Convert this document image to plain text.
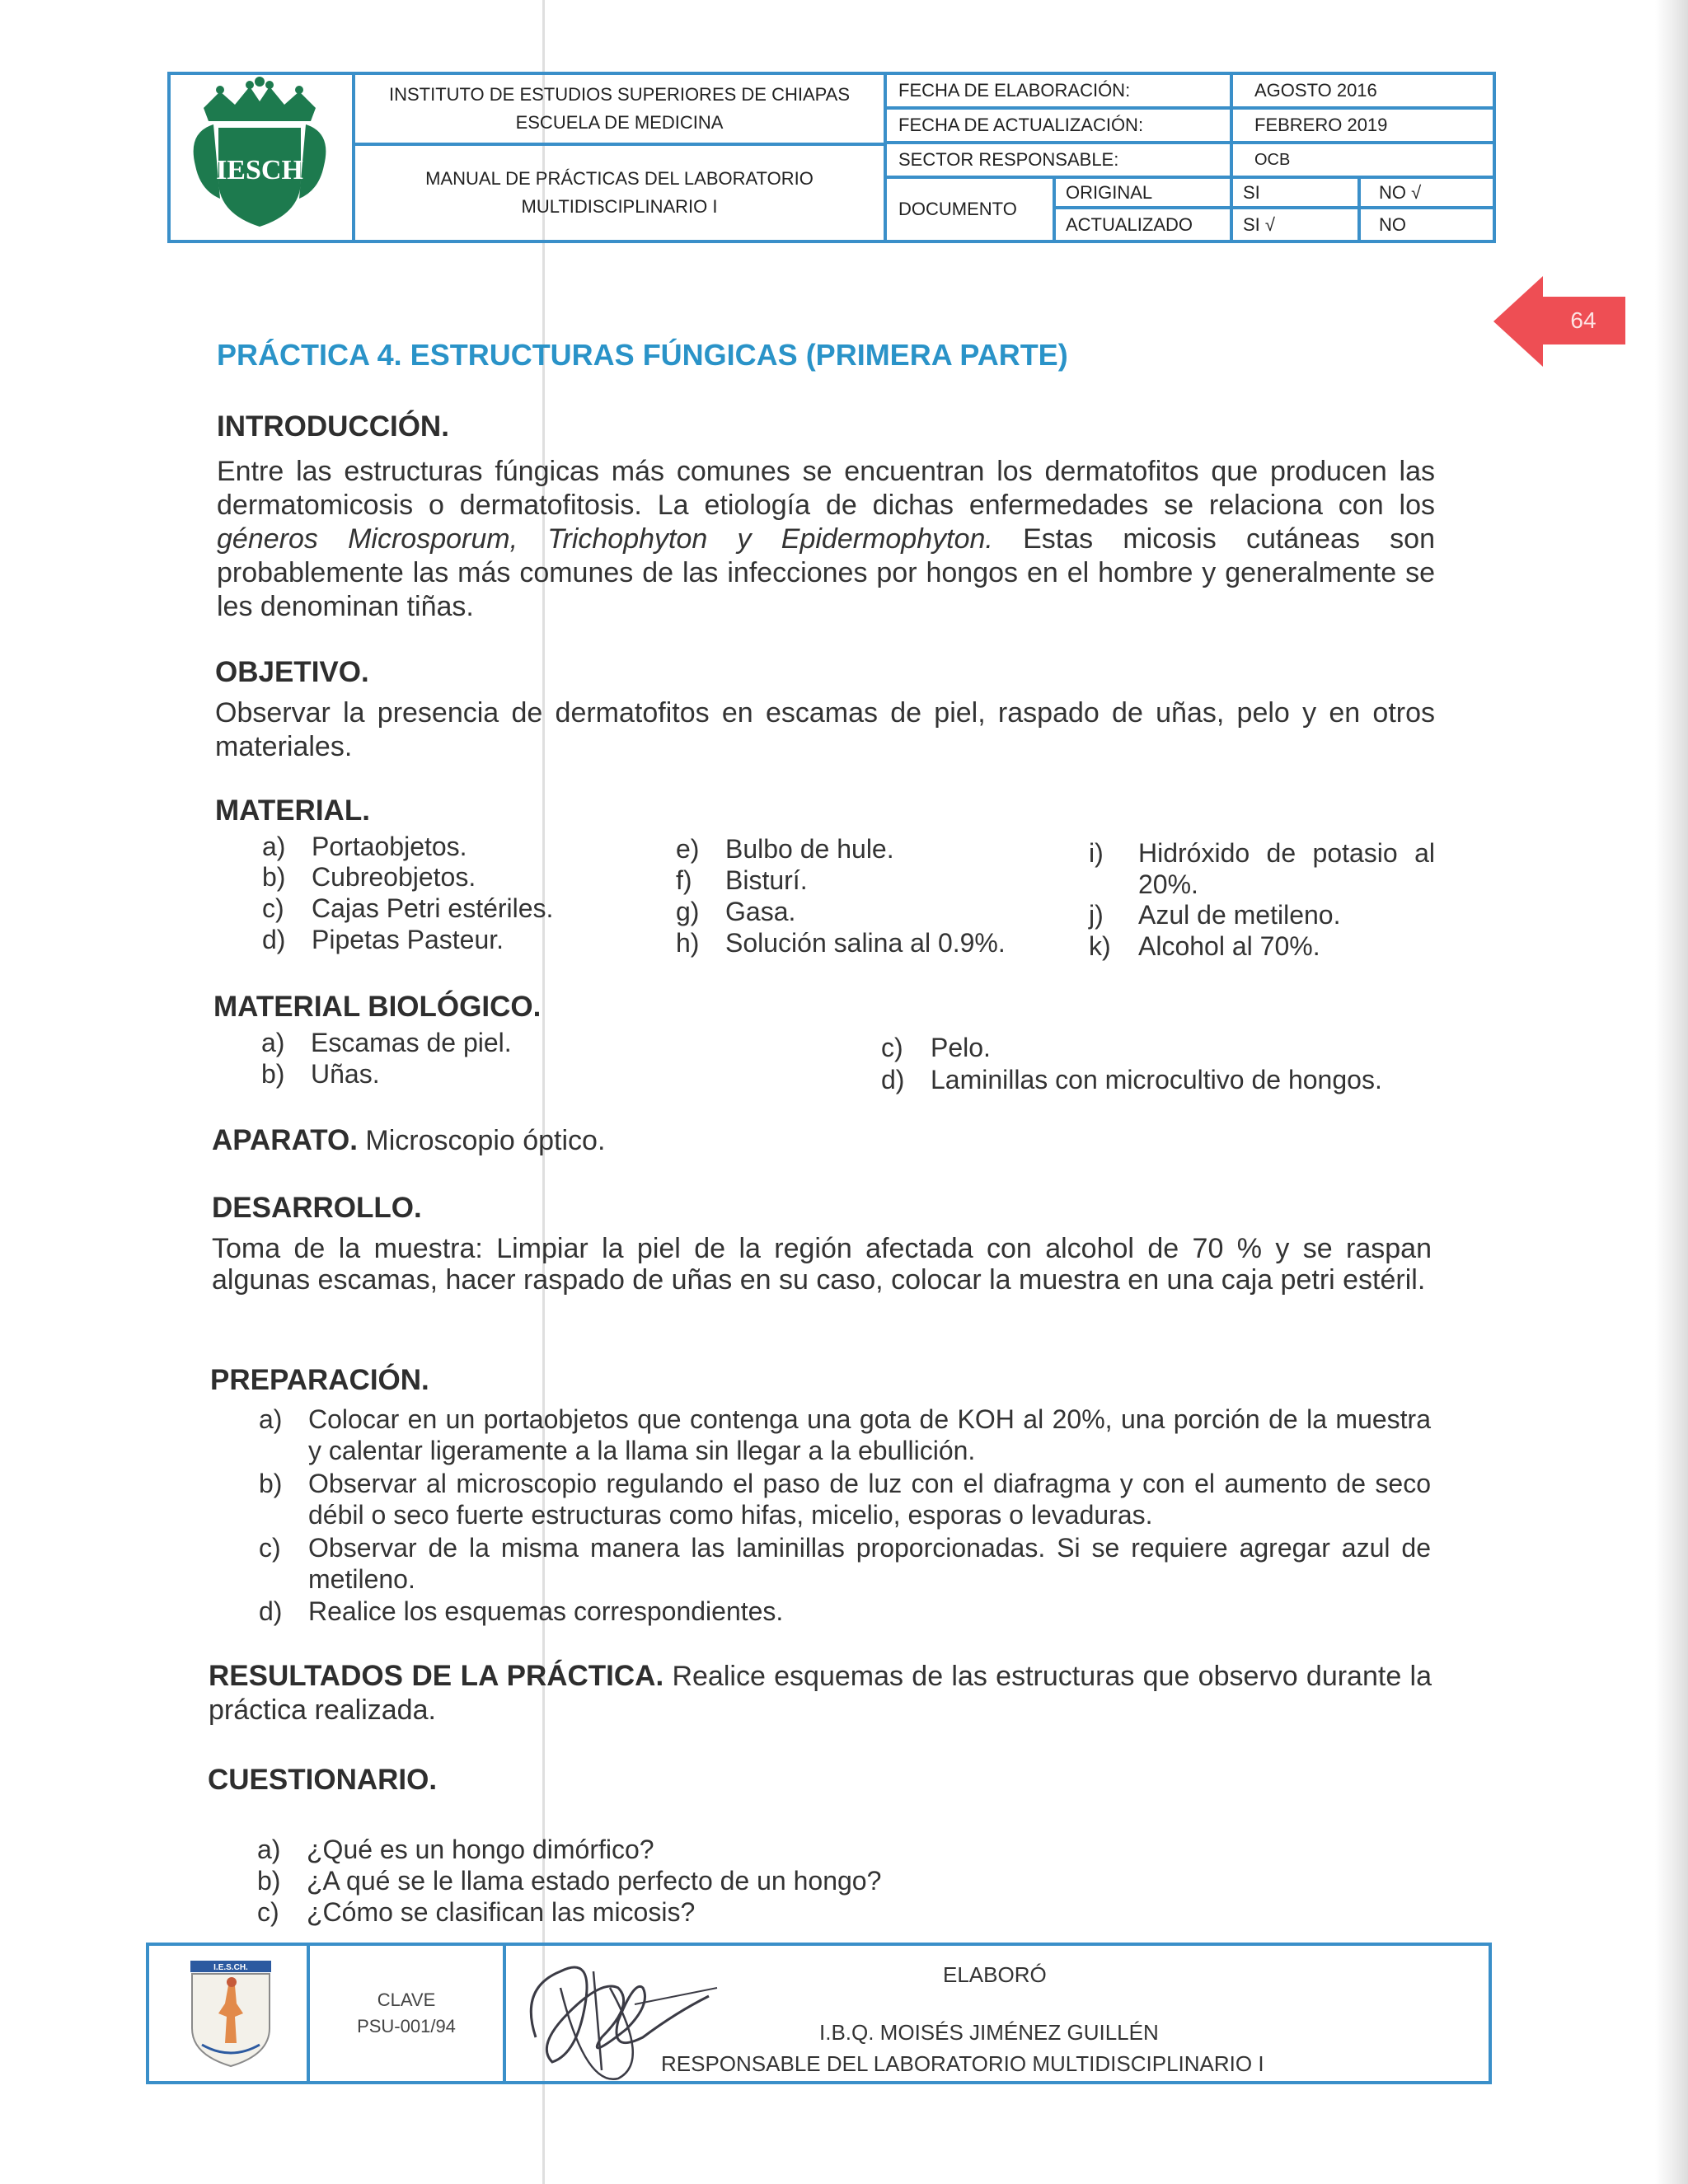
IESCH
INSTITUTO DE ESTUDIOS SUPERIORES DE CHIAPAS
ESCUELA DE MEDICINA
MANUAL DE PRÁCTICAS DEL LABORATORIO
MULTIDISCIPLINARIO I
FECHA DE ELABORACIÓN:	AGOSTO 2016
FECHA DE ACTUALIZACIÓN:	FEBRERO 2019
SECTOR RESPONSABLE:	OCB
DOCUMENTO
ORIGINAL	SI	NO √
ACTUALIZADO	SI √	NO
64
PRÁCTICA 4. ESTRUCTURAS FÚNGICAS (PRIMERA PARTE)
INTRODUCCIÓN.
Entre las estructuras fúngicas más comunes se encuentran los dermatofitos que producen las dermatomicosis o dermatofitosis. La etiología de dichas enfermedades se relaciona con los géneros Microsporum, Trichophyton y Epidermophyton. Estas micosis cutáneas son probablemente las más comunes de las infecciones por hongos en el hombre y generalmente se les denominan tiñas.
OBJETIVO.
Observar la presencia de dermatofitos en escamas de piel, raspado de uñas, pelo y en otros materiales.
MATERIAL.
a) Portaobjetos.
b) Cubreobjetos.
c) Cajas Petri estériles.
d) Pipetas Pasteur.
e) Bulbo de hule.
f) Bisturí.
g) Gasa.
h) Solución salina al 0.9%.
i) Hidróxido de potasio al 20%.
j) Azul de metileno.
k) Alcohol al 70%.
MATERIAL BIOLÓGICO.
a) Escamas de piel.
b) Uñas.
c) Pelo.
d) Laminillas con microcultivo de hongos.
APARATO. Microscopio óptico.
DESARROLLO.
Toma de la muestra: Limpiar la piel de la región afectada con alcohol de 70 % y se raspan algunas escamas, hacer raspado de uñas en su caso, colocar la muestra en una caja petri estéril.
PREPARACIÓN.
a) Colocar en un portaobjetos que contenga una gota de KOH al 20%, una porción de la muestra y calentar ligeramente a la llama sin llegar a la ebullición.
b) Observar al microscopio regulando el paso de luz con el diafragma y con el aumento de seco débil o seco fuerte estructuras como hifas, micelio, esporas o levaduras.
c) Observar de la misma manera las laminillas proporcionadas. Si se requiere agregar azul de metileno.
d) Realice los esquemas correspondientes.
RESULTADOS DE LA PRÁCTICA. Realice esquemas de las estructuras que observo durante la práctica realizada.
CUESTIONARIO.
a) ¿Qué es un hongo dimórfico?
b) ¿A qué se le llama estado perfecto de un hongo?
c) ¿Cómo se clasifican las micosis?
I.E.S.CH.
CLAVE
PSU-001/94
ELABORÓ
I.B.Q. MOISÉS JIMÉNEZ GUILLÉN
RESPONSABLE DEL LABORATORIO MULTIDISCIPLINARIO I
